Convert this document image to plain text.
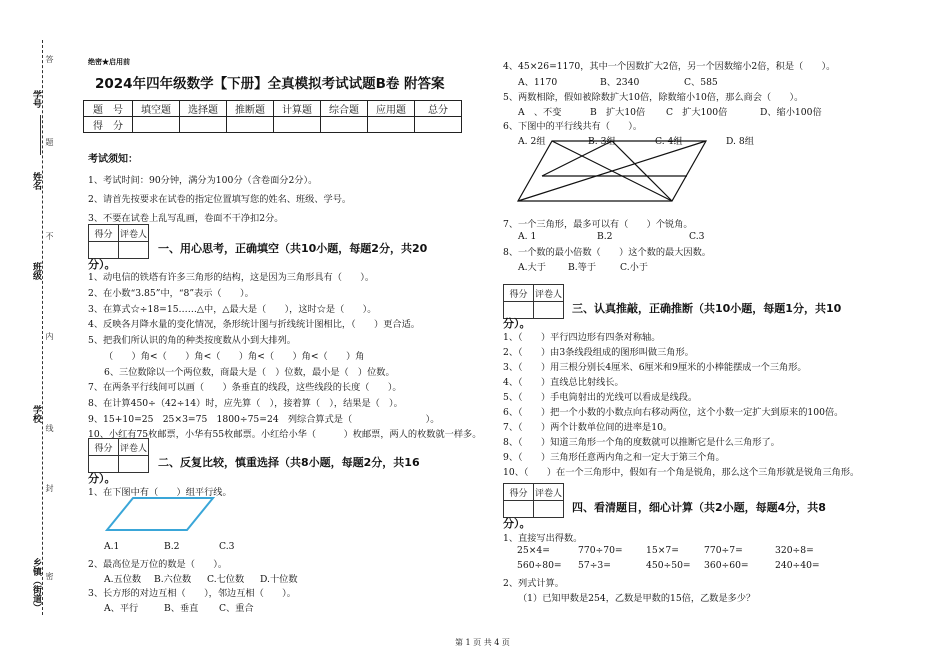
答
题
不
内
线
封
密
学号
姓名
班级
学校
乡镇（街道）
绝密★启用前
2024年四年级数学【下册】全真模拟考试试题B卷 附答案
题　号	填空题	选择题	推断题	计算题	综合题	应用题	总分
得　分							
考试须知：
1、考试时间：90分钟，满分为100分（含卷面分2分）。
2、请首先按要求在试卷的指定位置填写您的姓名、班级、学号。
3、不要在试卷上乱写乱画，卷面不干净扣2分。
得分	评卷人

一、用心思考，正确填空（共10小题，每题2分，共20
分）。
1、动电信的铁塔有许多三角形的结构，这是因为三角形具有（　　）。
2、在小数“3.85”中，“8”表示（　　）。
3、在算式☆÷18=15……△中，△最大是（　　），这时☆是（　　）。
4、反映各月降水量的变化情况，条形统计图与折线统计图相比，（　　）更合适。
5、把我们所认识的角的种类按度数从小到大排列。
（　　）角<（　　）角<（　　）角<（　　）角<（　　）角
6、三位数除以一个两位数，商最大是（　）位数，最小是（　）位数。
7、在两条平行线间可以画（　　）条垂直的线段，这些线段的长度（　　）。
8、在计算450÷（42÷14）时，应先算（　），接着算（　），结果是（　）。
9、15+10=25　25×3=75　1800÷75=24　列综合算式是（　　　　　　　　）。
10、小红有75枚邮票，小华有55枚邮票。小红给小华（　　　）枚邮票，两人的枚数就一样多。
得分	评卷人

二、反复比较，慎重选择（共8小题，每题2分，共16
分）。
1、在下图中有（　　）组平行线。
A.1	B.2	C.3
2、最高位是万位的数是（　　）。
A.五位数 B.六位数 C.七位数 D.十位数
3、长方形的对边互相（　　），邻边互相（　　）。
A、平行	B、垂直 C、重合
4、45×26=1170，其中一个因数扩大2倍，另一个因数缩小2倍，积是（　　）。
A、1170	B、2340	C、585
5、两数相除，假如被除数扩大10倍，除数缩小10倍，那么商会（　　）。
A　、不变	B　扩大10倍 C　扩大100倍	D、缩小100倍
6、下图中的平行线共有（　　）。
A. 2组	B. 3组	C. 4组	D. 8组
7、一个三角形，最多可以有（　　）个锐角。
A. 1	B.2	C.3
8、一个数的最小倍数（　　）这个数的最大因数。
A.大于 B.等于	C.小于
得分	评卷人

三、认真推敲，正确推断（共10小题，每题1分，共10
分）。
1、（　　）平行四边形有四条对称轴。
2、（　　）由3条线段组成的图形叫做三角形。
3、（　　）用三根分别长4厘米、6厘米和9厘米的小棒能摆成一个三角形。
4、（　　）直线总比射线长。
5、（　　）手电筒射出的光线可以看成是线段。
6、（　　）把一个小数的小数点向右移动两位，这个小数一定扩大到原来的100倍。
7、（　　）两个计数单位间的进率是10。
8、（　　）知道三角形一个角的度数就可以推断它是什么三角形了。
9、（　　）三角形任意两内角之和一定大于第三个角。
10、（　　）在一个三角形中，假如有一个角是锐角，那么这个三角形就是锐角三角形。
得分	评卷人

四、看清题目，细心计算（共2小题，每题4分，共8
分）。
1、直接写出得数。
25×4=	770÷70=	15×7=	770÷7=	320÷8=
560÷80= 57÷3=	450÷50= 360÷60=	240÷40=
2、列式计算。
（1）已知甲数是254，乙数是甲数的15倍，乙数是多少？
第 1 页 共 4 页
